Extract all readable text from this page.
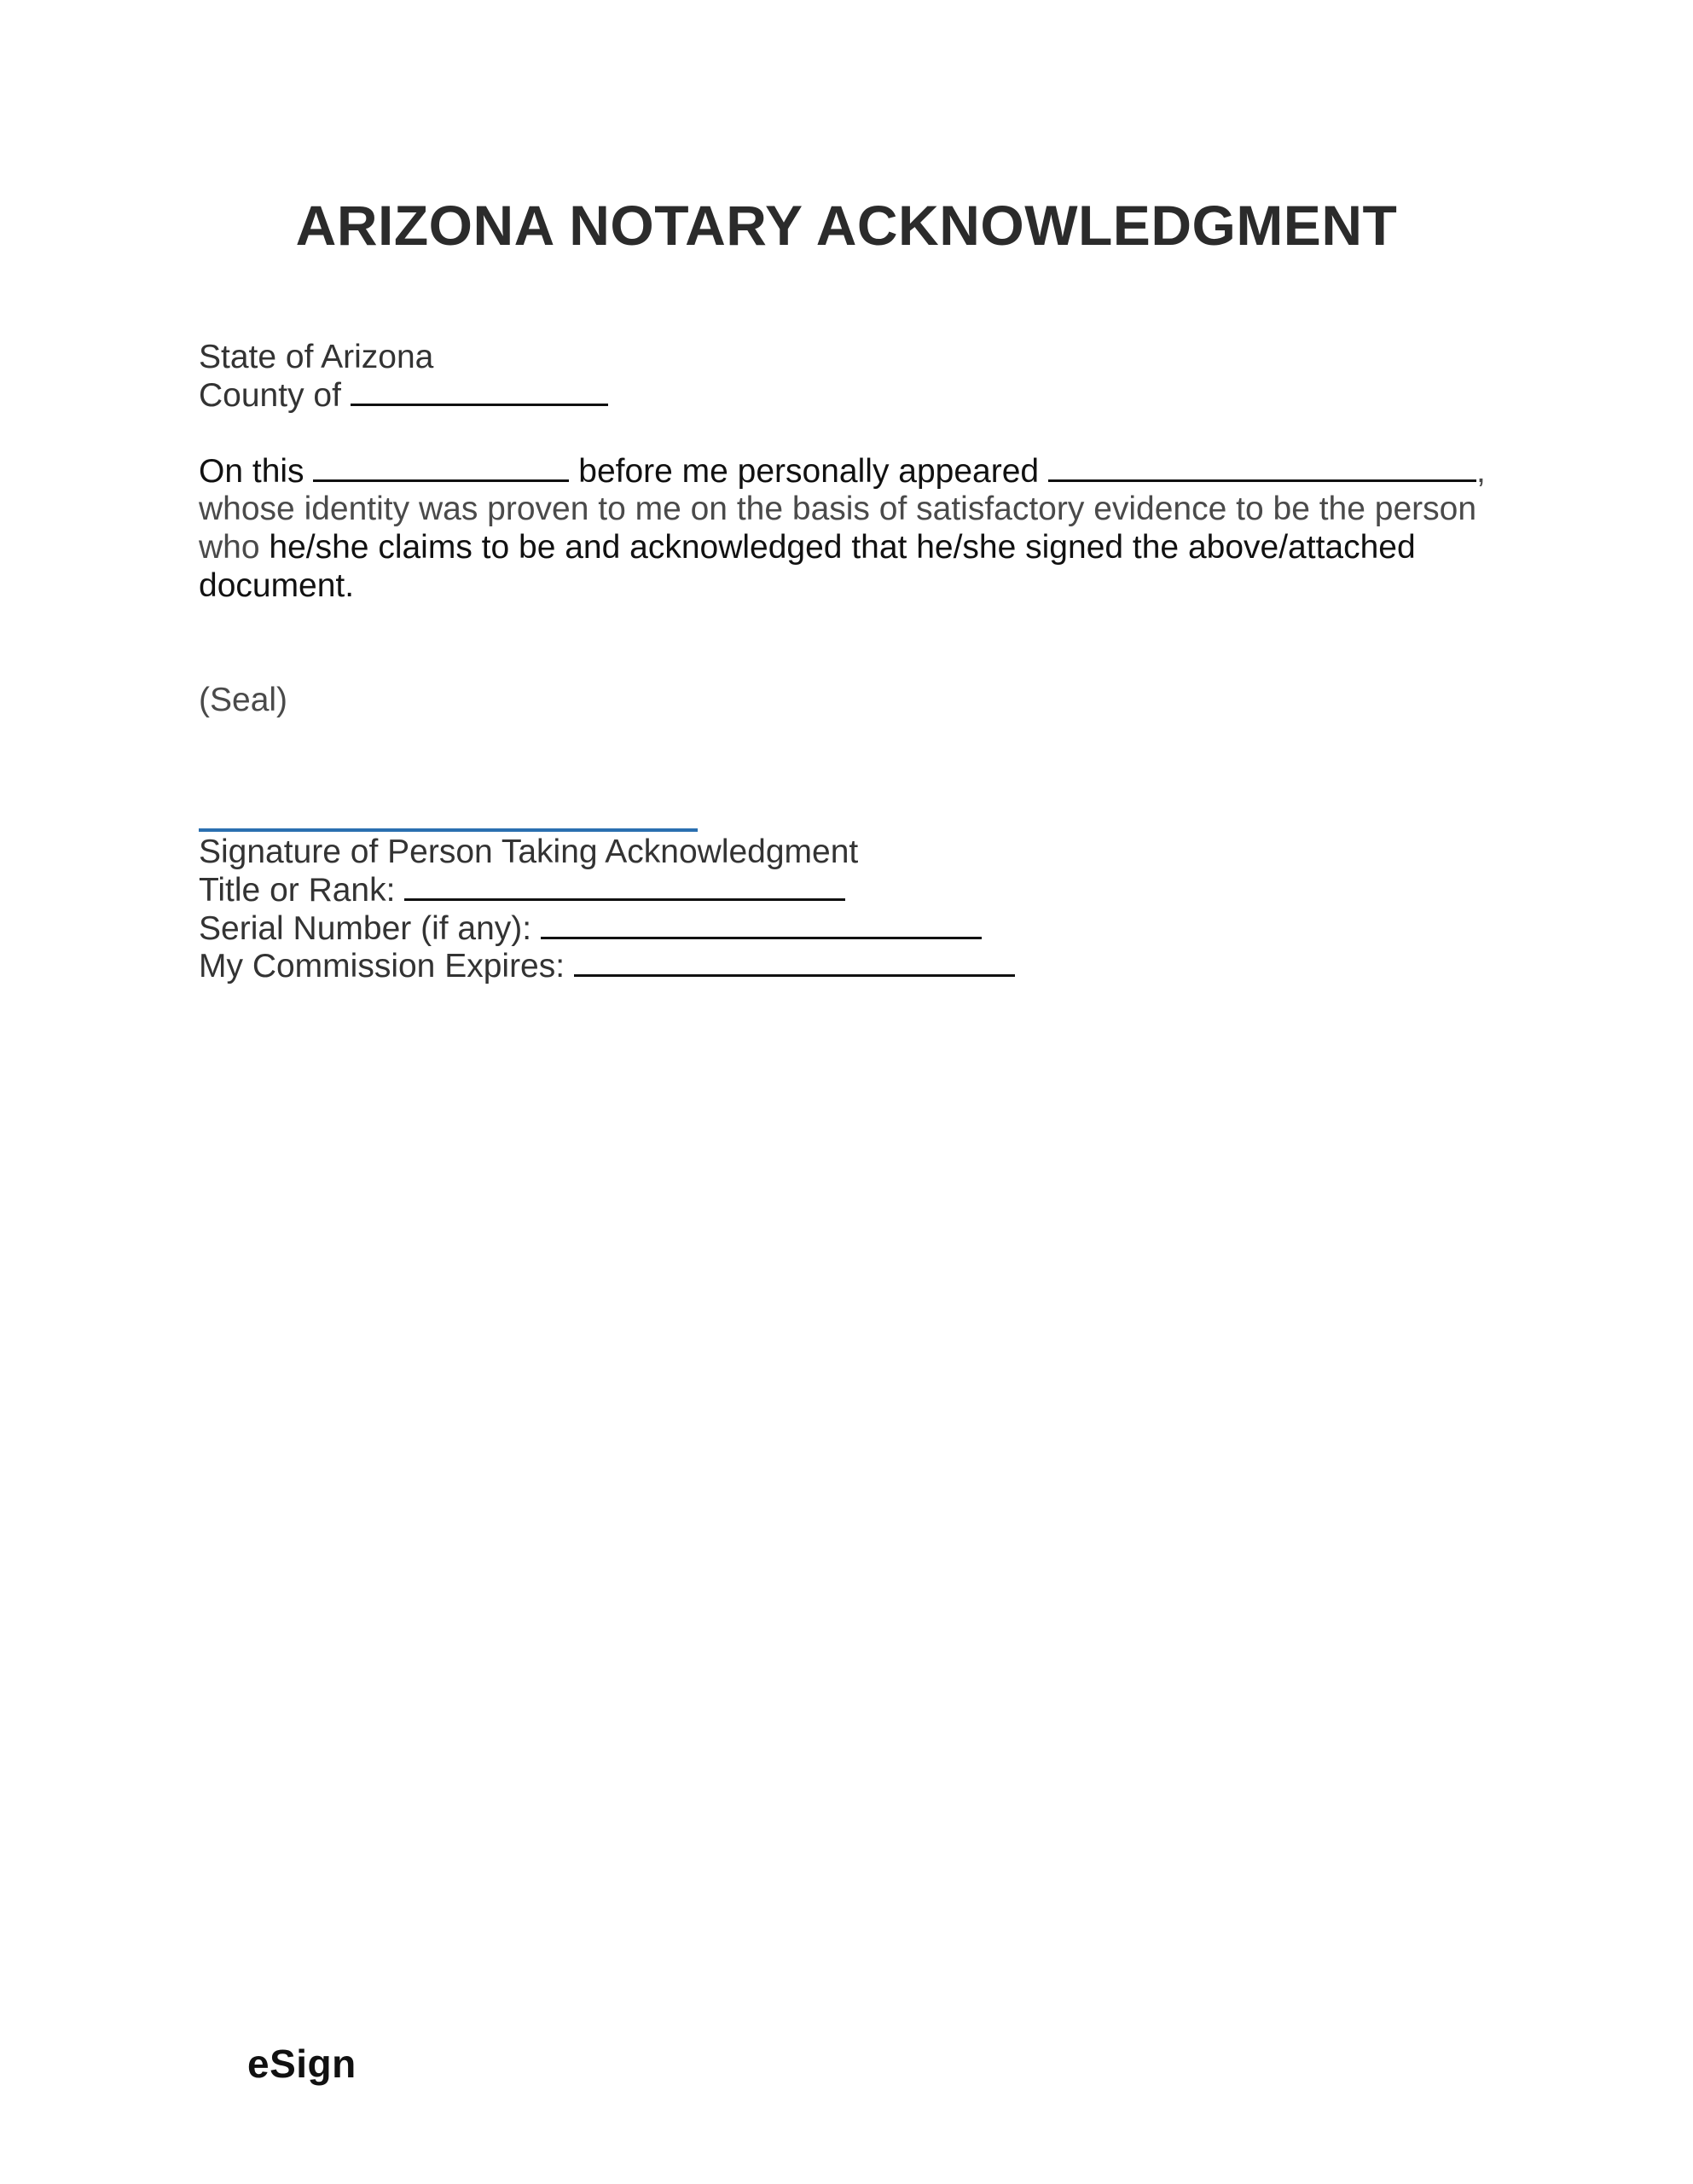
ARIZONA NOTARY ACKNOWLEDGMENT

State of Arizona

County of

On this	before me personally appeared	,

whose identity was proven to me on the basis of satisfactory evidence to be the person

who he/she claims to be and acknowledged that he/she signed the above/attached

document.

(Seal)

Signature of Person Taking Acknowledgment

Title or Rank:

Serial Number (if any):

My Commission Expires:

eSign
